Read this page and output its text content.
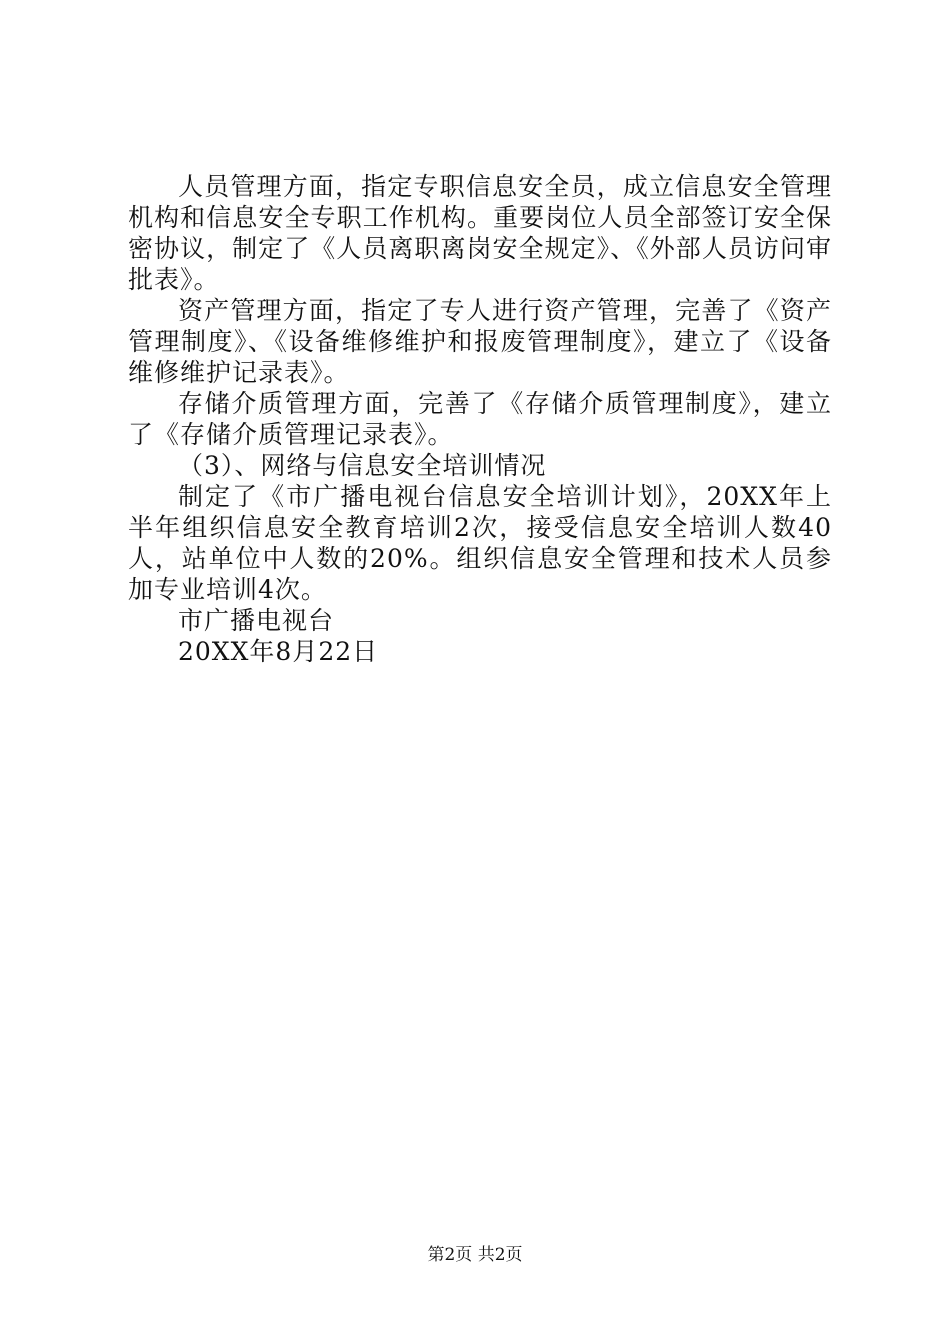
人员管理方面，指定专职信息安全员，成立信息安全管理机构和信息安全专职工作机构。重要岗位人员全部签订安全保密协议，制定了《人员离职离岗安全规定》、《外部人员访问审批表》。

资产管理方面，指定了专人进行资产管理，完善了《资产管理制度》、《设备维修维护和报废管理制度》，建立了《设备维修维护记录表》。

存储介质管理方面，完善了《存储介质管理制度》，建立了《存储介质管理记录表》。

（3）、网络与信息安全培训情况

制定了《市广播电视台信息安全培训计划》，20XX年上半年组织信息安全教育培训2次，接受信息安全培训人数40人，站单位中人数的20%。组织信息安全管理和技术人员参加专业培训4次。

市广播电视台

20XX年8月22日

第2页 共2页
